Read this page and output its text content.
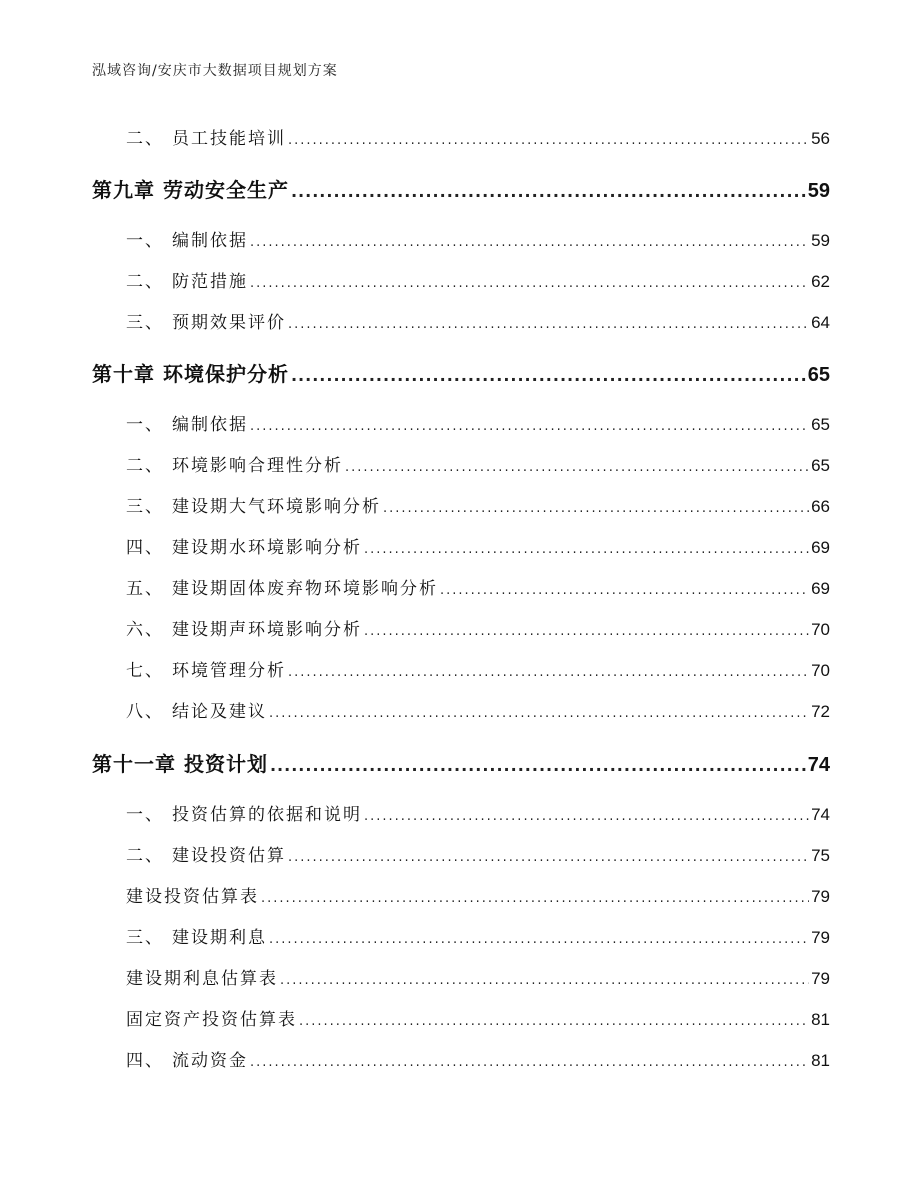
泓域咨询/安庆市大数据项目规划方案
二、 员工技能培训 .....	56
第九章 劳动安全生产 .....	59
一、 编制依据 .....	59
二、 防范措施 .....	62
三、 预期效果评价 .....	64
第十章 环境保护分析 .....	65
一、 编制依据 .....	65
二、 环境影响合理性分析 .....	65
三、 建设期大气环境影响分析 .....	66
四、 建设期水环境影响分析 .....	69
五、 建设期固体废弃物环境影响分析 .....	69
六、 建设期声环境影响分析 .....	70
七、 环境管理分析 .....	70
八、 结论及建议 .....	72
第十一章 投资计划 .....	74
一、 投资估算的依据和说明 .....	74
二、 建设投资估算 .....	75
建设投资估算表 .....	79
三、 建设期利息 .....	79
建设期利息估算表 .....	79
固定资产投资估算表 .....	81
四、 流动资金 .....	81
